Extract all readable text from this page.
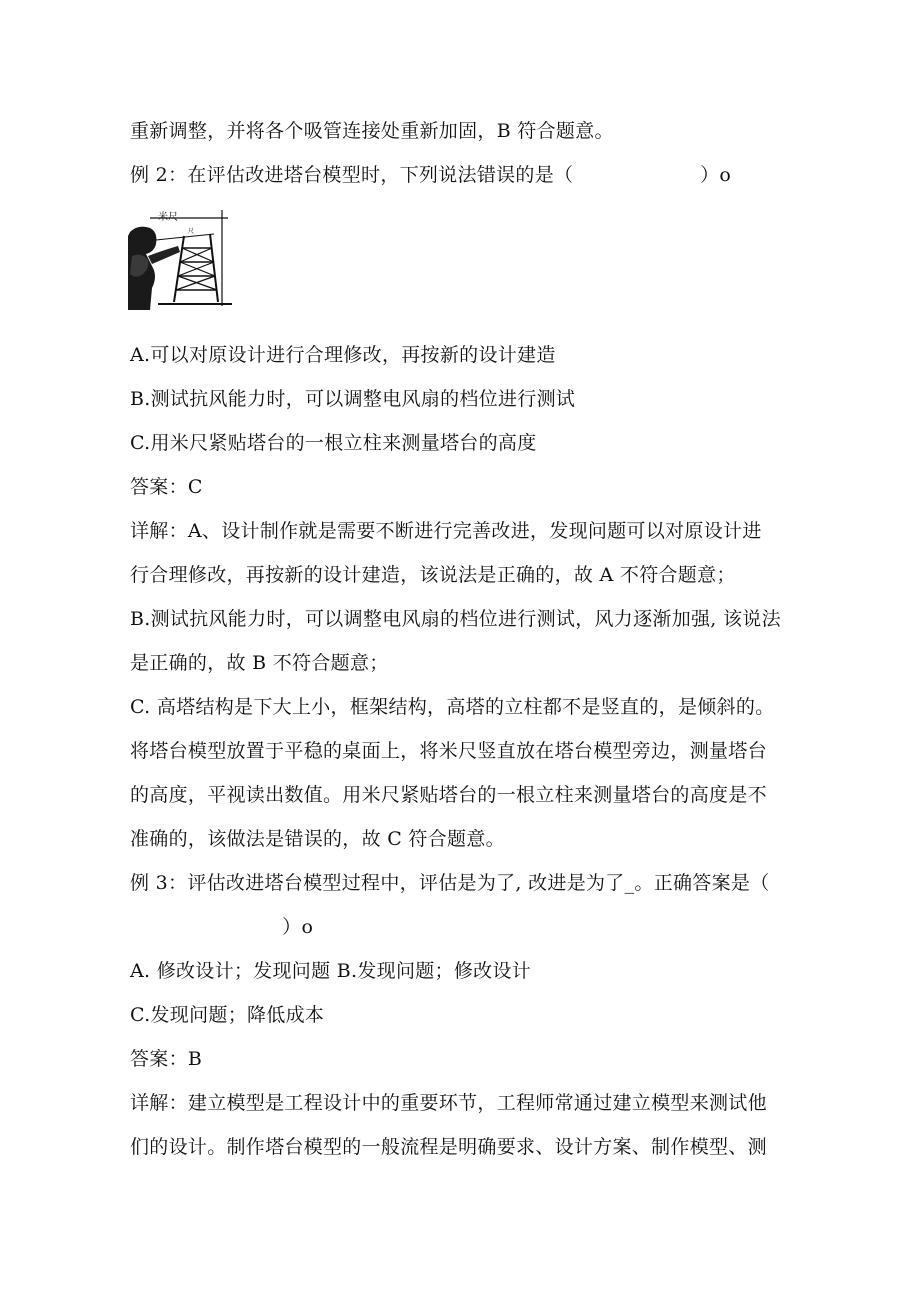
重新调整，并将各个吸管连接处重新加固，B 符合题意。
例 2：在评估改进塔台模型时，下列说法错误的是（                    ）o
米尺
尺
A.可以对原设计进行合理修改，再按新的设计建造
B.测试抗风能力时，可以调整电风扇的档位进行测试
C.用米尺紧贴塔台的一根立柱来测量塔台的高度
答案：C
详解：A、设计制作就是需要不断进行完善改进，发现问题可以对原设计进
行合理修改，再按新的设计建造，该说法是正确的，故 A 不符合题意；
B.测试抗风能力时，可以调整电风扇的档位进行测试，风力逐渐加强, 该说法
是正确的，故 B 不符合题意；
C. 高塔结构是下大上小，框架结构，高塔的立柱都不是竖直的，是倾斜的。
将塔台模型放置于平稳的桌面上，将米尺竖直放在塔台模型旁边，测量塔台
的高度，平视读出数值。用米尺紧贴塔台的一根立柱来测量塔台的高度是不
准确的，该做法是错误的，故 C 符合题意。
例 3：评估改进塔台模型过程中，评估是为了, 改进是为了_。正确答案是（
）o
A. 修改设计；发现问题 B.发现问题；修改设计
C.发现问题；降低成本
答案：B
详解：建立模型是工程设计中的重要环节，工程师常通过建立模型来测试他
们的设计。制作塔台模型的一般流程是明确要求、设计方案、制作模型、测
